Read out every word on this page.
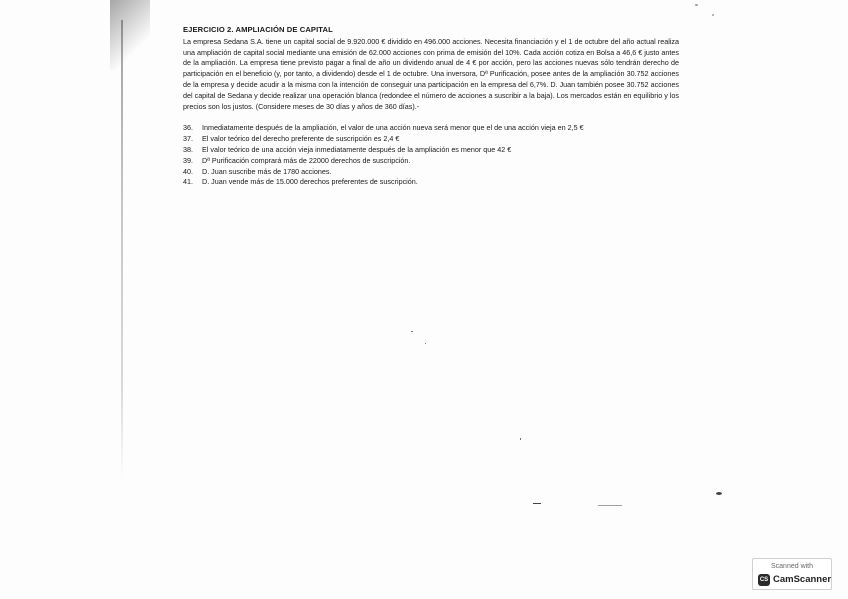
EJERCICIO 2. AMPLIACIÓN DE CAPITAL

La empresa Sedana S.A. tiene un capital social de 9.920.000 € dividido en 496.000 acciones. Necesita financiación y el 1 de octubre del año actual realiza una ampliación de capital social mediante una emisión de 62.000 acciones con prima de emisión del 10%. Cada acción cotiza en Bolsa a 46,6 € justo antes de la ampliación. La empresa tiene previsto pagar a final de año un dividendo anual de 4 € por acción, pero las acciones nuevas sólo tendrán derecho de participación en el beneficio (y, por tanto, a dividendo) desde el 1 de octubre. Una inversora, Dª Purificación, posee antes de la ampliación 30.752 acciones de la empresa y decide acudir a la misma con la intención de conseguir una participación en la empresa del 6,7%. D. Juan también posee 30.752 acciones del capital de Sedana y decide realizar una operación blanca (redondee el número de acciones a suscribir a la baja). Los mercados están en equilibrio y los precios son los justos. (Considere meses de 30 días y años de 360 días).-

36.	Inmediatamente después de la ampliación, el valor de una acción nueva será menor que el de una acción vieja en 2,5 €
37.	El valor teórico del derecho preferente de suscripción es 2,4 €
38.	El valor teórico de una acción vieja inmediatamente después de la ampliación es menor que 42 €
39.	Dª Purificación comprará más de 22000 derechos de suscripción.
40.	D. Juan suscribe más de 1780 acciones.
41.	D. Juan vende más de 15.000 derechos preferentes de suscripción.
Scanned with
CS CamScanner
